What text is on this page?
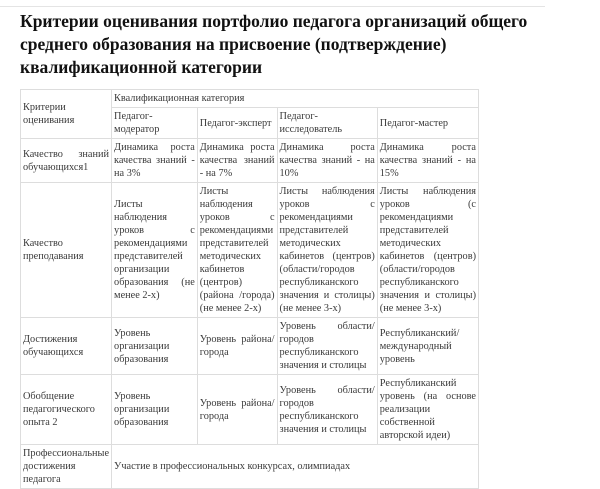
Критерии оценивания портфолио педагога организаций общего среднего образования на присвоение (подтверждение) квалификационной категории
Критерии оценивания	Квалификационная категория			
	Педагог-модератор	Педагог-эксперт	Педагог-исследователь	Педагог-мастер
Качество знаний обучающихся1	Динамика роста качества знаний - на 3%	Динамика роста качества знаний - на 7%	Динамика роста качества знаний - на 10%	Динамика роста качества знаний - на 15%
Качество преподавания	Листы наблюдения уроков с рекомендациями представителей организации образования (не менее 2-х)	Листы наблюдения уроков с рекомендациями представителей методических кабинетов (центров) (района /города) (не менее 2-х)	Листы наблюдения уроков с рекомендациями представителей методических кабинетов (центров) (области/городов республиканского значения и столицы) (не менее 3-х)	Листы наблюдения уроков (с рекомендациями представителей методических кабинетов (центров) (области/городов республиканского значения и столицы) (не менее 3-х)
Достижения обучающихся	Уровень организации образования	Уровень района/ города	Уровень области/ городов республиканского значения и столицы	Республиканский/ международный уровень
Обобщение педагогического опыта 2	Уровень организации образования	Уровень района/ города	Уровень области/ городов республиканского значения и столицы	Республиканский уровень (на основе реализации собственной авторской идеи)
Профессиональные достижения педагога	Участие в профессиональных конкурсах, олимпиадах			
